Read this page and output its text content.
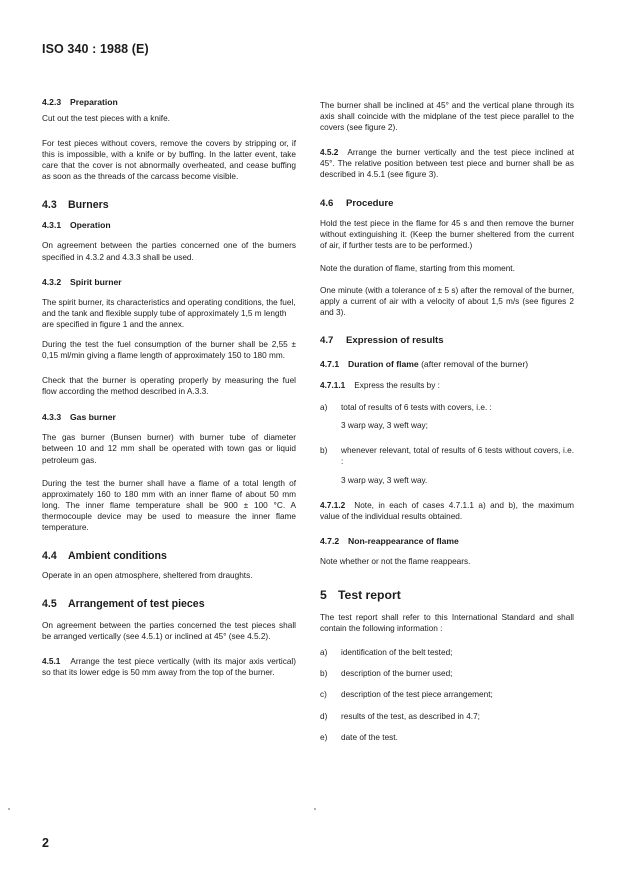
ISO 340 : 1988 (E)
4.2.3 Preparation
Cut out the test pieces with a knife.
For test pieces without covers, remove the covers by stripping or, if this is impossible, with a knife or by buffing. In the latter event, take care that the cover is not abnormally overheated, and cease buffing as soon as the threads of the carcass become visible.
4.3 Burners
4.3.1 Operation
On agreement between the parties concerned one of the burners specified in 4.3.2 and 4.3.3 shall be used.
4.3.2 Spirit burner
The spirit burner, its characteristics and operating conditions, the fuel, and the tank and flexible supply tube of approximately 1,5 m length are specified in figure 1 and the annex.
During the test the fuel consumption of the burner shall be 2,55 ± 0,15 ml/min giving a flame length of approximately 150 to 180 mm.
Check that the burner is operating properly by measuring the fuel flow according the method described in A.3.3.
4.3.3 Gas burner
The gas burner (Bunsen burner) with burner tube of diameter between 10 and 12 mm shall be operated with town gas or liquid petroleum gas.
During the test the burner shall have a flame of a total length of approximately 160 to 180 mm with an inner flame of about 50 mm long. The inner flame temperature shall be 900 ± 100 °C. A thermocouple device may be used to measure the inner flame temperature.
4.4 Ambient conditions
Operate in an open atmosphere, sheltered from draughts.
4.5 Arrangement of test pieces
On agreement between the parties concerned the test pieces shall be arranged vertically (see 4.5.1) or inclined at 45° (see 4.5.2).
4.5.1 Arrange the test piece vertically (with its major axis vertical) so that its lower edge is 50 mm away from the top of the burner.
The burner shall be inclined at 45° and the vertical plane through its axis shall coincide with the midplane of the test piece parallel to the covers (see figure 2).
4.5.2 Arrange the burner vertically and the test piece inclined at 45°. The relative position between test piece and burner shall be as described in 4.5.1 (see figure 3).
4.6 Procedure
Hold the test piece in the flame for 45 s and then remove the burner without extinguishing it. (Keep the burner sheltered from the current of air, if further tests are to be performed.)
Note the duration of flame, starting from this moment.
One minute (with a tolerance of ± 5 s) after the removal of the burner, apply a current of air with a velocity of about 1,5 m/s (see figures 2 and 3).
4.7 Expression of results
4.7.1 Duration of flame (after removal of the burner)
4.7.1.1 Express the results by :
a)	total of results of 6 tests with covers, i.e. :
3 warp way, 3 weft way;
b)	whenever relevant, total of results of 6 tests without covers, i.e. :
3 warp way, 3 weft way.
4.7.1.2 Note, in each of cases 4.7.1.1 a) and b), the maximum value of the individual results obtained.
4.7.2 Non-reappearance of flame
Note whether or not the flame reappears.
5 Test report
The test report shall refer to this International Standard and shall contain the following information :
a)	identification of the belt tested;
b)	description of the burner used;
c)	description of the test piece arrangement;
d)	results of the test, as described in 4.7;
e)	date of the test.
2
